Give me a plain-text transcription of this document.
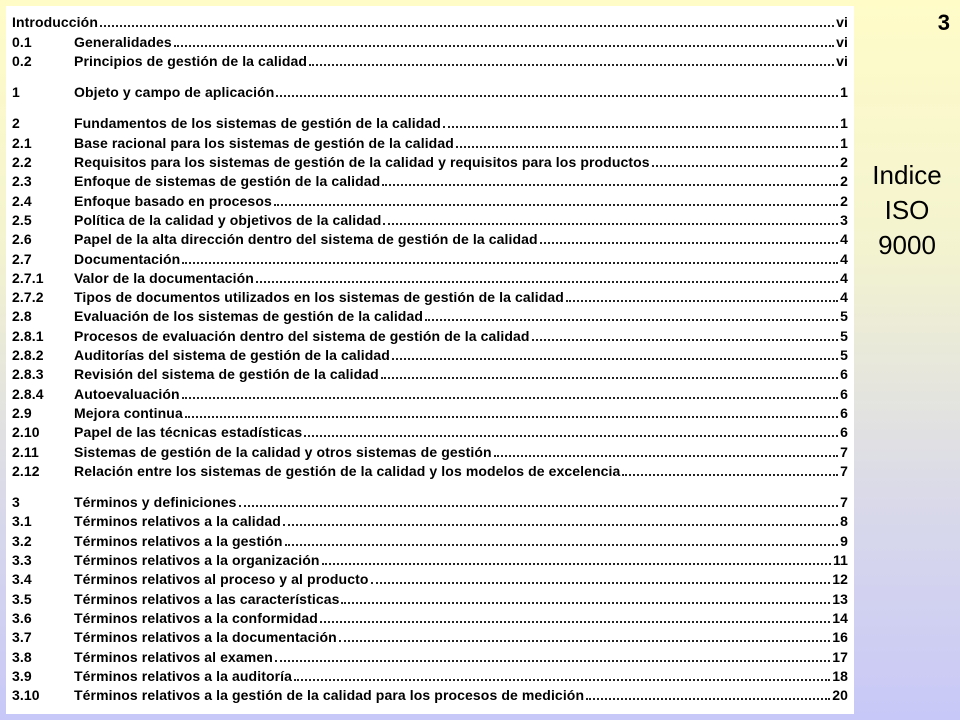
Introducción	vi
0.1	Generalidades	vi
0.2	Principios de gestión de la calidad	vi
1	Objeto y campo de aplicación	1
2	Fundamentos de los sistemas de gestión de la calidad	1
2.1	Base racional para los sistemas de gestión de la calidad	1
2.2	Requisitos para los sistemas de gestión de la calidad y requisitos para los productos	2
2.3	Enfoque de sistemas de gestión de la calidad	2
2.4	Enfoque basado en procesos	2
2.5	Política de la calidad y objetivos de la calidad	3
2.6	Papel de la alta dirección dentro del sistema de gestión de la calidad	4
2.7	Documentación	4
2.7.1	Valor de la documentación	4
2.7.2	Tipos de documentos utilizados en los sistemas de gestión de la calidad	4
2.8	Evaluación de los sistemas de gestión de la calidad	5
2.8.1	Procesos de evaluación dentro del sistema de gestión de la calidad	5
2.8.2	Auditorías del sistema de gestión de la calidad	5
2.8.3	Revisión del sistema de gestión de la calidad	6
2.8.4	Autoevaluación	6
2.9	Mejora continua	6
2.10	Papel de las técnicas estadísticas	6
2.11	Sistemas de gestión de la calidad y otros sistemas de gestión	7
2.12	Relación entre los sistemas de gestión de la calidad y los modelos de excelencia	7
3	Términos y definiciones	7
3.1	Términos relativos a la calidad	8
3.2	Términos relativos a la gestión	9
3.3	Términos relativos a la organización	11
3.4	Términos relativos al proceso y al producto	12
3.5	Términos relativos a las características	13
3.6	Términos relativos a la conformidad	14
3.7	Términos relativos a la documentación	16
3.8	Términos relativos al examen	17
3.9	Términos relativos a la auditoría	18
3.10	Términos relativos a la gestión de la calidad para los procesos de medición	20
3
Indice
ISO
9000
